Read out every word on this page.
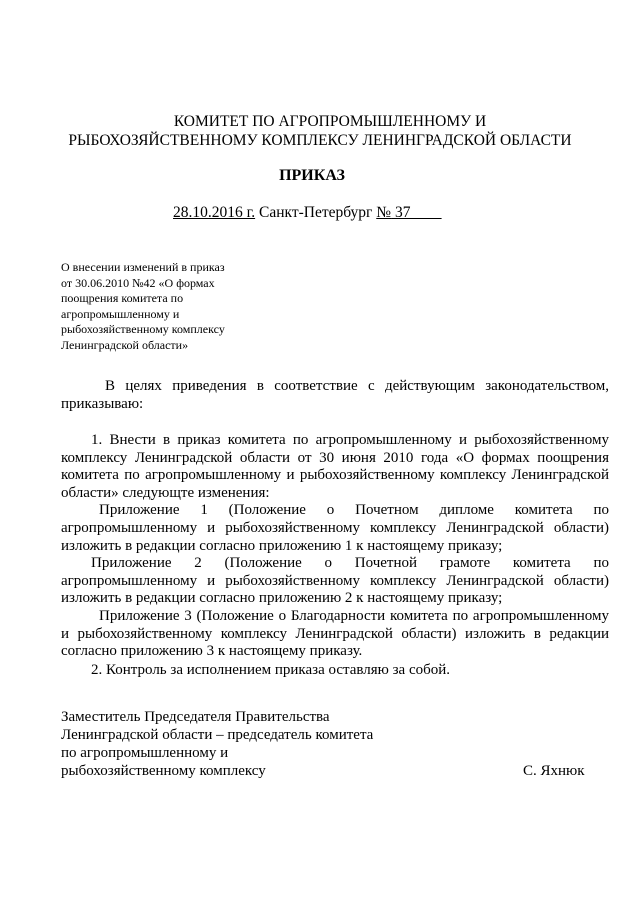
КОМИТЕТ ПО АГРОПРОМЫШЛЕННОМУ И
РЫБОХОЗЯЙСТВЕННОМУ КОМПЛЕКСУ ЛЕНИНГРАДСКОЙ ОБЛАСТИ
ПРИКАЗ
28.10.2016 г. Санкт-Петербург № 37____
О внесении изменений в приказ
от 30.06.2010 №42 «О формах
поощрения комитета по
агропромышленному и
рыбохозяйственному комплексу
Ленинградской области»

В целях приведения в соответствие с действующим законодательством, приказываю:

1. Внести в приказ комитета по агропромышленному и рыбохозяйственному комплексу Ленинградской области от 30 июня 2010 года «О формах поощрения комитета по агропромышленному и рыбохозяйственному комплексу Ленинградской области» следующте изменения:

Приложение 1 (Положение о Почетном дипломе комитета по агропромышленному и рыбохозяйственному комплексу Ленинградской области) изложить в редакции согласно приложению 1 к настоящему приказу;

Приложение 2 (Положение о Почетной грамоте комитета по агропромышленному и рыбохозяйственному комплексу Ленинградской области) изложить в редакции согласно приложению 2 к настоящему приказу;

Приложение 3 (Положение о Благодарности комитета по агропромышленному и рыбохозяйственному комплексу Ленинградской области) изложить в редакции согласно приложению 3 к настоящему приказу.

2. Контроль за исполнением приказа оставляю за собой.

Заместитель Председателя Правительства
Ленинградской области – председатель комитета
по агропромышленному и
рыбохозяйственному комплексу	С. Яхнюк
